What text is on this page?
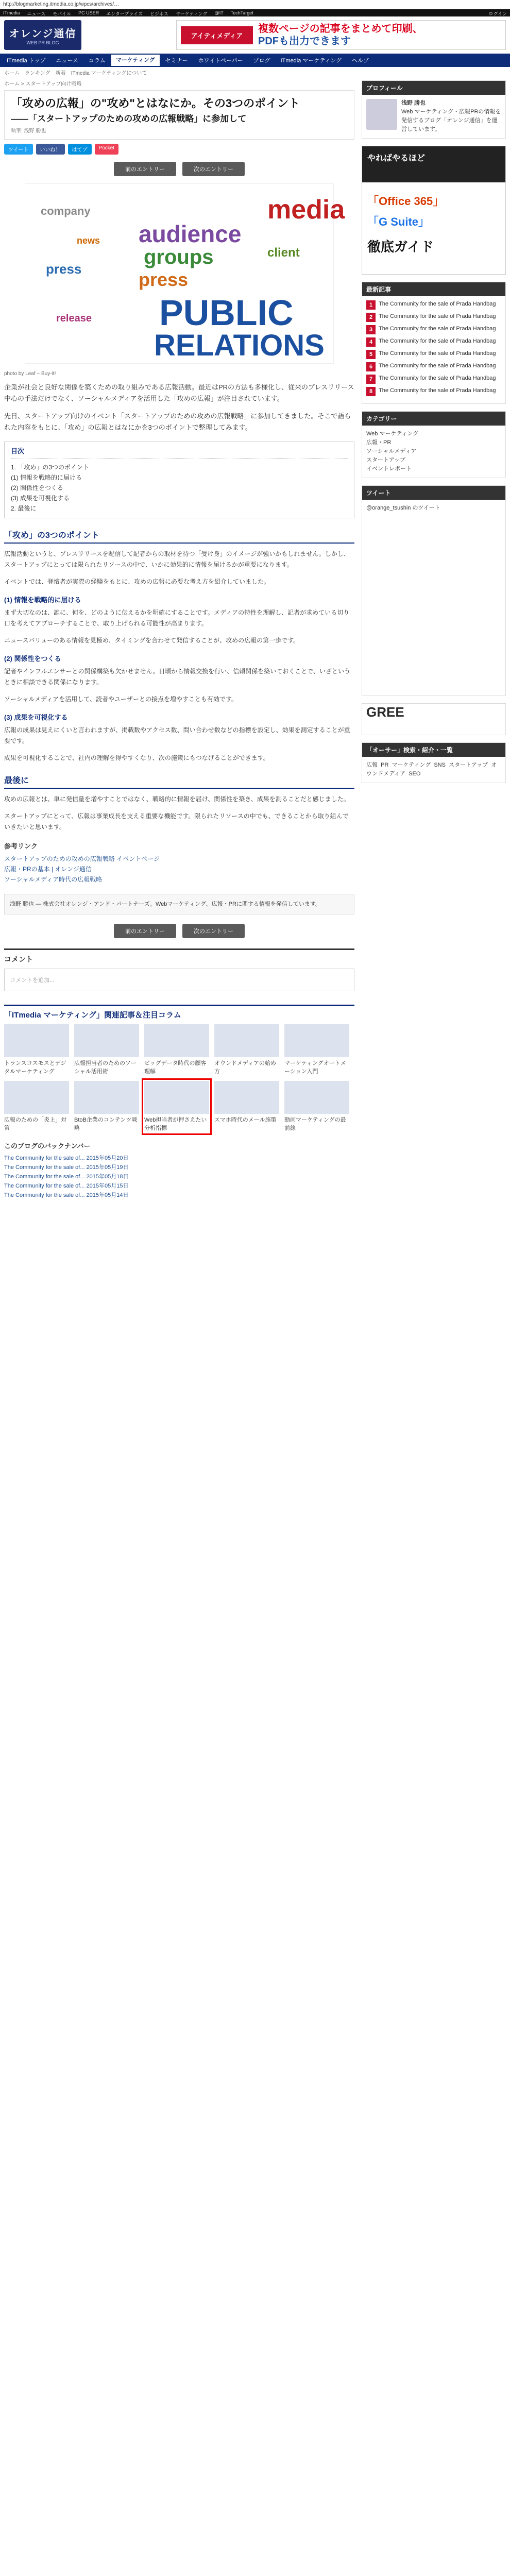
http://blogmarketing.itmedia.co.jp/wpcs/archives/…
ITmedia ニュース モバイル PC USER エンタープライズ ビジネス マーケティング @IT TechTarget	ログイン
オレンジ通信
WEB PR BLOG
アイティメディア
複数ページの記事をまとめて印刷、
PDFも出力できます
ITmedia トップ	ニュース	コラム	マーケティング	セミナー	ホワイトペーパー	ブログ	ITmedia マーケティング	ヘルプ
ホーム ランキング 新着 ITmedia マーケティングについて
ホーム > スタートアップ向け戦略
「攻めの広報」の"攻め"とはなにか。その3つのポイント
――「スタートアップのための攻めの広報戦略」に参加して
執筆: 浅野 勝也
ツイート	いいね！	はてブ	Pocket
前のエントリー	次のエントリー
PUBLIC
RELATIONS
audience
groups
press
media
company
press
release
client
news
photo by Leaf ~ Buy-it!

企業が社会と良好な関係を築くための取り組みである広報活動。最近はPRの方法も多様化し、従来のプレスリリース中心の手法だけでなく、ソーシャルメディアを活用した「攻めの広報」が注目されています。

先日、スタートアップ向けのイベント「スタートアップのための攻めの広報戦略」に参加してきました。そこで語られた内容をもとに、「攻め」の広報とはなにかを3つのポイントで整理してみます。

目次
1. 「攻め」の3つのポイント
(1) 情報を戦略的に届ける
(2) 関係性をつくる
(3) 成果を可視化する
2. 最後に
「攻め」の3つのポイント

広報活動というと、プレスリリースを配信して記者からの取材を待つ「受け身」のイメージが強いかもしれません。しかし、スタートアップにとっては限られたリソースの中で、いかに効果的に情報を届けるかが重要になります。

イベントでは、登壇者が実際の経験をもとに、攻めの広報に必要な考え方を紹介していました。

(1) 情報を戦略的に届ける

まず大切なのは、誰に、何を、どのように伝えるかを明確にすることです。メディアの特性を理解し、記者が求めている切り口を考えてアプローチすることで、取り上げられる可能性が高まります。

ニュースバリューのある情報を見極め、タイミングを合わせて発信することが、攻めの広報の第一歩です。

(2) 関係性をつくる

記者やインフルエンサーとの関係構築も欠かせません。日頃から情報交換を行い、信頼関係を築いておくことで、いざというときに相談できる関係になります。

ソーシャルメディアを活用して、読者やユーザーとの接点を増やすことも有効です。

(3) 成果を可視化する

広報の成果は見えにくいと言われますが、掲載数やアクセス数、問い合わせ数などの指標を設定し、効果を測定することが重要です。

成果を可視化することで、社内の理解を得やすくなり、次の施策にもつなげることができます。

最後に

攻めの広報とは、単に発信量を増やすことではなく、戦略的に情報を届け、関係性を築き、成果を測ることだと感じました。

スタートアップにとって、広報は事業成長を支える重要な機能です。限られたリソースの中でも、できることから取り組んでいきたいと思います。

参考リンク
スタートアップのための攻めの広報戦略 イベントページ
広報・PRの基本 | オレンジ通信
ソーシャルメディア時代の広報戦略
浅野 勝也 — 株式会社オレンジ・アンド・パートナーズ。Webマーケティング、広報・PRに関する情報を発信しています。
前のエントリー	次のエントリー
コメント
コメントを追加...
「ITmedia マーケティング」関連記事＆注目コラム
トランスコスモスとデジタルマーケティング
広報担当者のためのソーシャル活用術
ビッグデータ時代の顧客理解
オウンドメディアの始め方
マーケティングオートメーション入門
広報のための「炎上」対策
BtoB企業のコンテンツ戦略
Web担当者が押さえたい分析指標
スマホ時代のメール施策	動画マーケティングの最前線
このブログのバックナンバー
The Community for the sale of... 2015年05月20日
The Community for the sale of... 2015年05月19日
The Community for the sale of... 2015年05月18日
The Community for the sale of... 2015年05月15日
The Community for the sale of... 2015年05月14日
プロフィール
浅野 勝也
Web マーケティング・広報PRの情報を発信するブログ「オレンジ通信」を運営しています。
やればやるほど
「Office 365」
「G Suite」
徹底ガイド
最新記事
1	The Community for the sale of Prada Handbag
2	The Community for the sale of Prada Handbag
3	The Community for the sale of Prada Handbag
4	The Community for the sale of Prada Handbag
5	The Community for the sale of Prada Handbag
6	The Community for the sale of Prada Handbag
7	The Community for the sale of Prada Handbag
8	The Community for the sale of Prada Handbag
カテゴリー
Web マーケティング
広報・PR
ソーシャルメディア
スタートアップ
イベントレポート
ツイート
@orange_tsushin のツイート
GREE
「オーサー」検索・紹介・一覧
広報 PR マーケティング SNS スタートアップ オウンドメディア SEO
